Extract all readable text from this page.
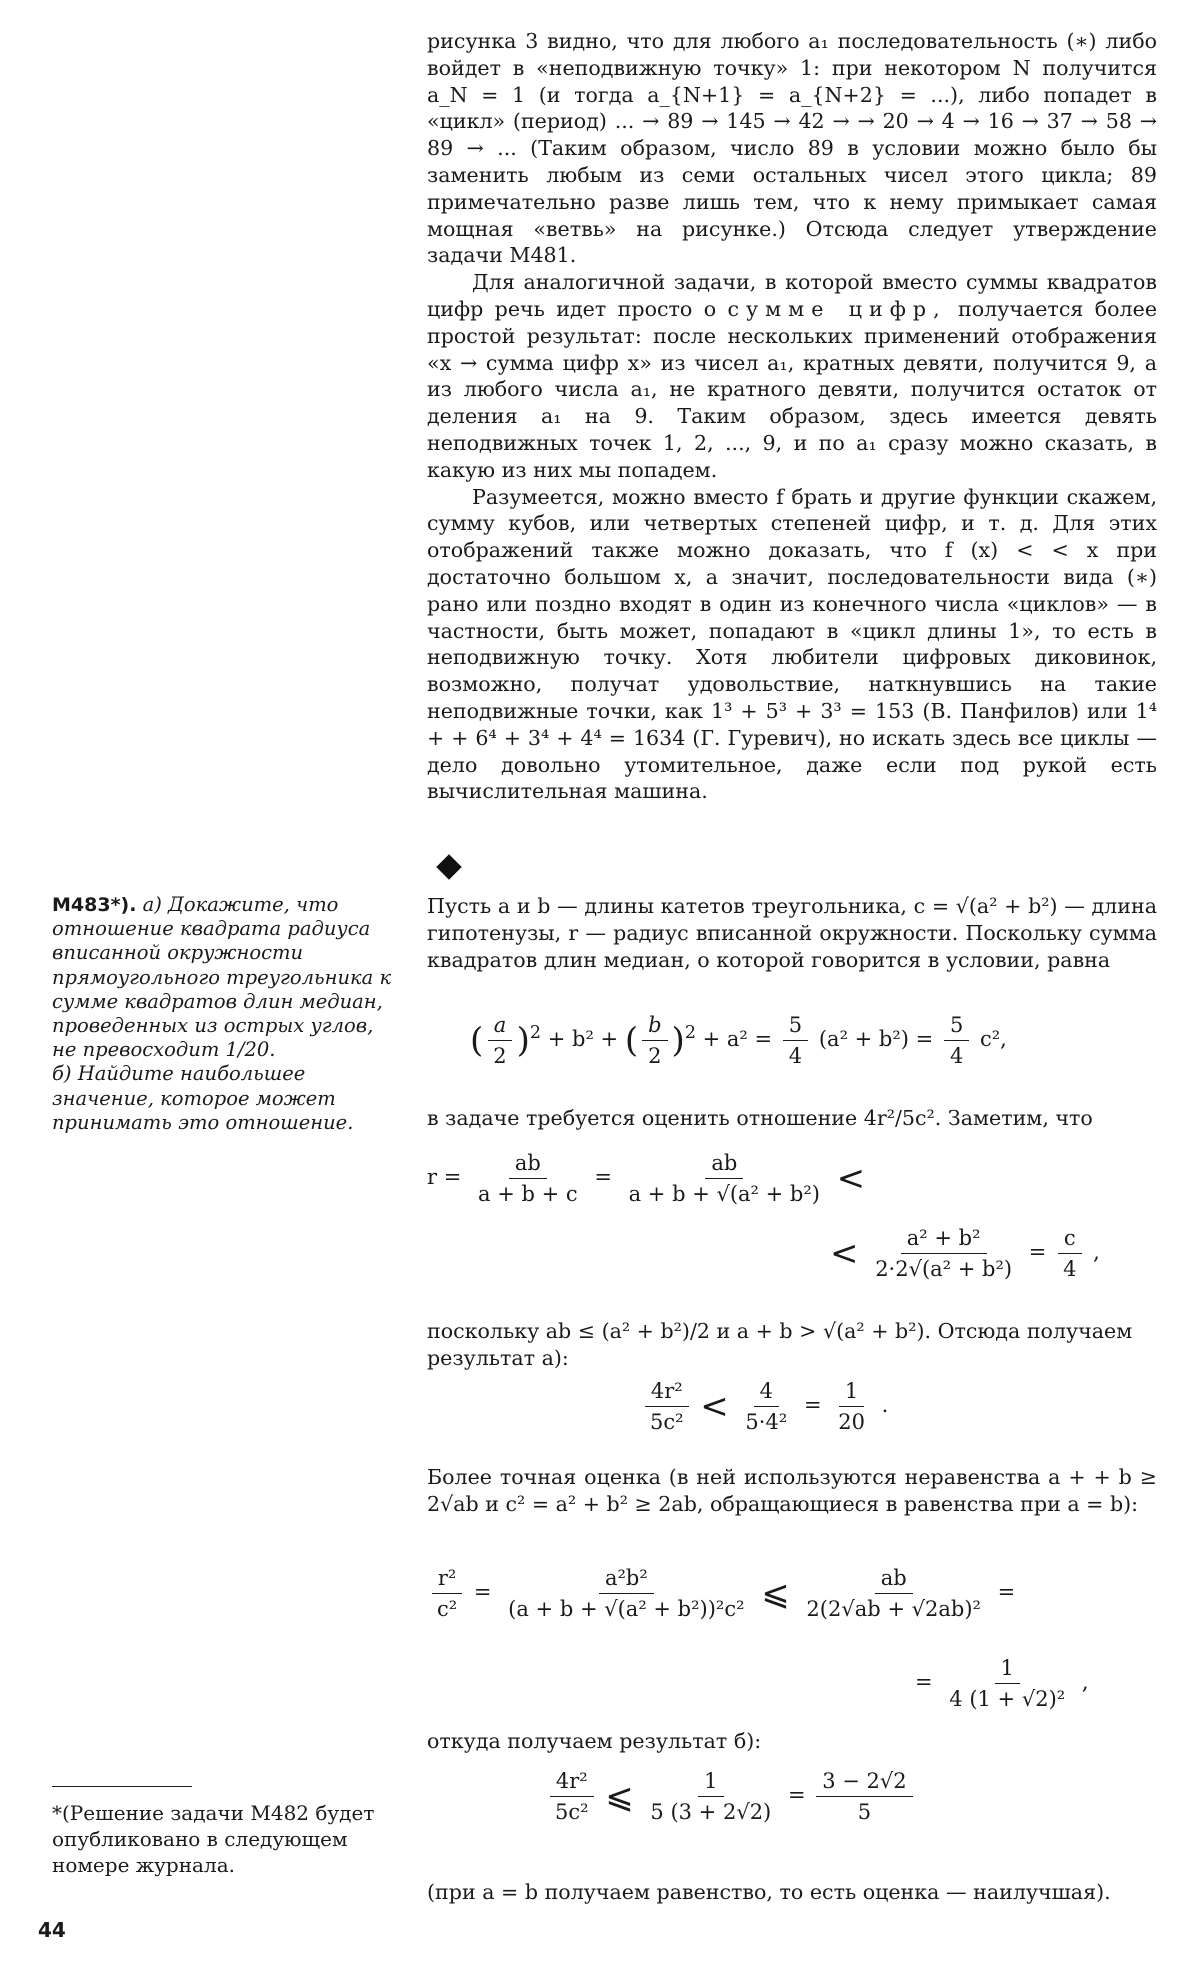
рисунка 3 видно, что для любого a₁ последовательность (∗) либо войдет в «неподвижную точку» 1: при некотором N получится a_N = 1 (и тогда a_{N+1} = a_{N+2} = ...), либо попадет в «цикл» (период) ... → 89 → 145 → 42 → → 20 → 4 → 16 → 37 → 58 → 89 → ... (Таким образом, число 89 в условии можно было бы заменить любым из семи остальных чисел этого цикла; 89 примечательно разве лишь тем, что к нему примыкает самая мощная «ветвь» на рисунке.) Отсюда следует утверждение задачи М481.

Для аналогичной задачи, в которой вместо суммы квадратов цифр речь идет просто о сумме цифр, получается более простой результат: после нескольких применений отображения «x → сумма цифр x» из чисел a₁, кратных девяти, получится 9, а из любого числа a₁, не кратного девяти, получится остаток от деления a₁ на 9. Таким образом, здесь имеется девять неподвижных точек 1, 2, ..., 9, и по a₁ сразу можно сказать, в какую из них мы попадем.

Разумеется, можно вместо f брать и другие функции скажем, сумму кубов, или четвертых степеней цифр, и т. д. Для этих отображений также можно доказать, что f (x) < < x при достаточно большом x, а значит, последовательности вида (∗) рано или поздно входят в один из конечного числа «циклов» — в частности, быть может, попадают в «цикл длины 1», то есть в неподвижную точку. Хотя любители цифровых диковинок, возможно, получат удовольствие, наткнувшись на такие неподвижные точки, как 1³ + 5³ + 3³ = 153 (В. Панфилов) или 1⁴ + + 6⁴ + 3⁴ + 4⁴ = 1634 (Г. Гуревич), но искать здесь все циклы — дело довольно утомительное, даже если под рукой есть вычислительная машина.

М483*). а) Докажите, что отношение квадрата радиуса вписанной окружности прямоугольного треугольника к сумме квадратов длин медиан, проведенных из острых углов, не превосходит 1/20.
б) Найдите наибольшее значение, которое может принимать это отношение.

Пусть a и b — длины катетов треугольника, c = √(a² + b²) — длина гипотенузы, r — радиус вписанной окружности. Поскольку сумма квадратов длин медиан, о которой говорится в условии, равна

( $\frac{a}{2} )^2 + b^2$ + ( $\frac{b}{2} )^2 + a^2 = \frac{5}{4} (a^2 + b^2) = \frac{5}{4} c^2$,
в задаче требуется оценить отношение 4r²/5c². Заметим, что
$r = \frac{ab}{a + b + c} = \frac{ab}{\text{a + b + √(a² + b²)}}$ <
< $\frac{\text{a² + b²}}{\text{2·2√(a² + b²)}} = \frac{c}{4}$ ,
поскольку ab ≤ (a² + b²)/2 и a + b > √(a² + b²). Отсюда получаем результат а):
$\frac{\text{4r²}}{\text{5c²}} < \frac{4}{\text{5·4²}} = \frac{1}{20}$ .
Более точная оценка (в ней используются неравенства a + + b ≥ 2√ab и c² = a² + b² ≥ 2ab, обращающиеся в равенства при a = b):
$\frac{\text{r²}}{\text{c²}} = \frac{\text{a²b²}}{\text{(a + b + √(a² + b²))²c²}}$ ⩽ $\frac{ab}{\text{2(2√ab + √2ab)²}}$ =
= $\frac{1}{\text{4 (1 + √2)²}}$ ,
откуда получаем результат б):
$\frac{\text{4r²}}{\text{5c²}}$ ⩽ $\frac{1}{5 (3 + 2√2)} = \frac{3 - 2√2}{5}$
(при a = b получаем равенство, то есть оценка — наилучшая).
*(Решение задачи М482 будет опубликовано в следующем номере журнала.
44
